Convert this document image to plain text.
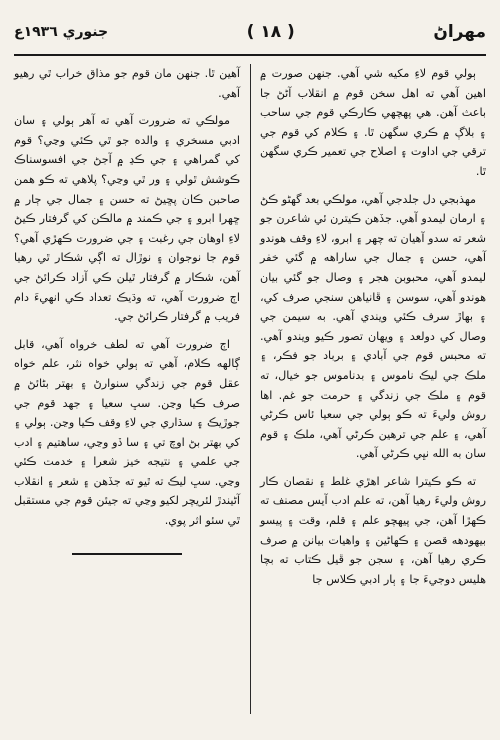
مهراڻ
( ١٨ )
جنوري ١٩٣٦ع

ٻولي قوم لاءِ مکيه شي آهي. جنهن صورت ۾ اهين آهي ته اهل سخن قوم ۾ انقلاب آڻڻ جا باعث آهن. هي پهچهي ڪارڪي قوم جي ساحب ۽ بلاڳ ۾ ڪري سگهن ٿا. ۽ ڪلام کي قوم جي ترقي جي اداوت ۽ اصلاح جي تعمير ڪري سگهن ٿا.

مهذبجي دل جلدجي آهي، مولڪي بعد گهڻو ڪڻ ۽ ارمان ليمدو آهي. جڏهن ڪيترن ئي شاعرن جو شعر ته سدو آهيان ته چهر ۽ ابرو، لاءِ وقف هوندو آهي، حسن ۽ جمال جي ساراهه ۾ گئي خفر ليمدو آهي، محبوبن هجر ۽ وصال جو گئي بيان هوندو آهي، سوسن ۽ ڦانياهن سنجي صرف کي، ۽ بهاڙ سرف ڪئي ويندي آهي. به سيمن جي وصال کي دولعد ۽ ويهان تصور ڪيو ويندو آهي. ته محبس قوم جي آبادي ۽ برباد جو فڪر، ۽ ملڪ جي ليڪ ناموس ۽ بدناموس جو خيال، ته قوم ۽ ملڪ جي زندگي ۽ حرمت جو غم. اها روش وليءَ ته ڪو ٻولي جي سعيا ئاس ڪرڻي آهي، ۽ علم جي ترهين ڪرڻي آهي، ملڪ ۽ قوم سان به الله نڀي ڪرڻي آهي.

ته ڪو ڪيترا شاعر اهڙي غلط ۽ نقصان ڪار روش وليءَ رهيا آهن، ته علم ادب آيس مصنف ته ڪهڙا آهن، جي پيهچو علم ۽ قلم، وقت ۽ پيسو بيهودهه قصن ۽ ڪهاڻين ۽ واهيات بيانن ۾ صرف ڪري رهيا آهن، ۽ سجن جو ڦيل ڪتاب ته بچا هليس دوجيءَ جا ۽ ٻار ادبي ڪلاس جا

آهين ٿا. جنهن مان قوم جو مذاق خراب ٿي رهيو آهي.

مولڪي ته ضرورت آهي ته آهر ٻولي ۽ سان ادبي مسخري ۽ والده جو ٿي ڪئي وڃي؟ قوم کي گمراهي ۽ جي ڪڍ ۾ آجڻ جي افسوسناڪ ڪوشش ٿولي ۽ ور ٿي وڃي؟ پلاهي ته ڪو همن صاحبن ڪان پڇيڻ ته حسن ۽ جمال جي ڄار ۾ ڇهرا ابرو ۽ جي ڪمند ۾ مالڪن کي گرفتار ڪيڻ لاءِ اوهان جي رغبت ۽ جي ضرورت ڪهڙي آهي؟ قوم جا نوجوان ۽ نوڙال ته اڳي شڪار ٿي رهيا آهن، شڪار ۾ گرفتار ٿيلن ڪي آزاد ڪرائڻ جي اڄ ضرورت آهي، ته وڌيڪ تعداد ڪي انهيءَ دام فريب ۾ گرفتار ڪرائڻ جي.

اڄ ضرورت آهي ته لطف خرواه آهي، قابل ڳالهه ڪلام، آهي ته ٻولي خواه نثر، علم خواه عقل قوم جي زندگي سنوارڻ ۽ بهتر بڻائڻ ۾ صرف ڪيا وڃن. سڀ سعيا ۽ جهد قوم جي جوڙيڪ ۽ سڌاري جي لاءِ وقف ڪيا وڃن. ٻولي ۽ کي بهتر بڻ اوچ تي ۽ سا ڏو وڃي، ساهتيم ۽ ادب جي علمي ۽ نتيجه خيز شعرا ۽ خدمت ڪئي وڃي. سڀ ليڪ ته ٿيو ته جڏهن ۽ شعر ۽ انقلاب آڻيندڙ لئريچر لکيو وڃي ته جيئن قوم جي مستقبل ٿي سئو اثر پوي.
